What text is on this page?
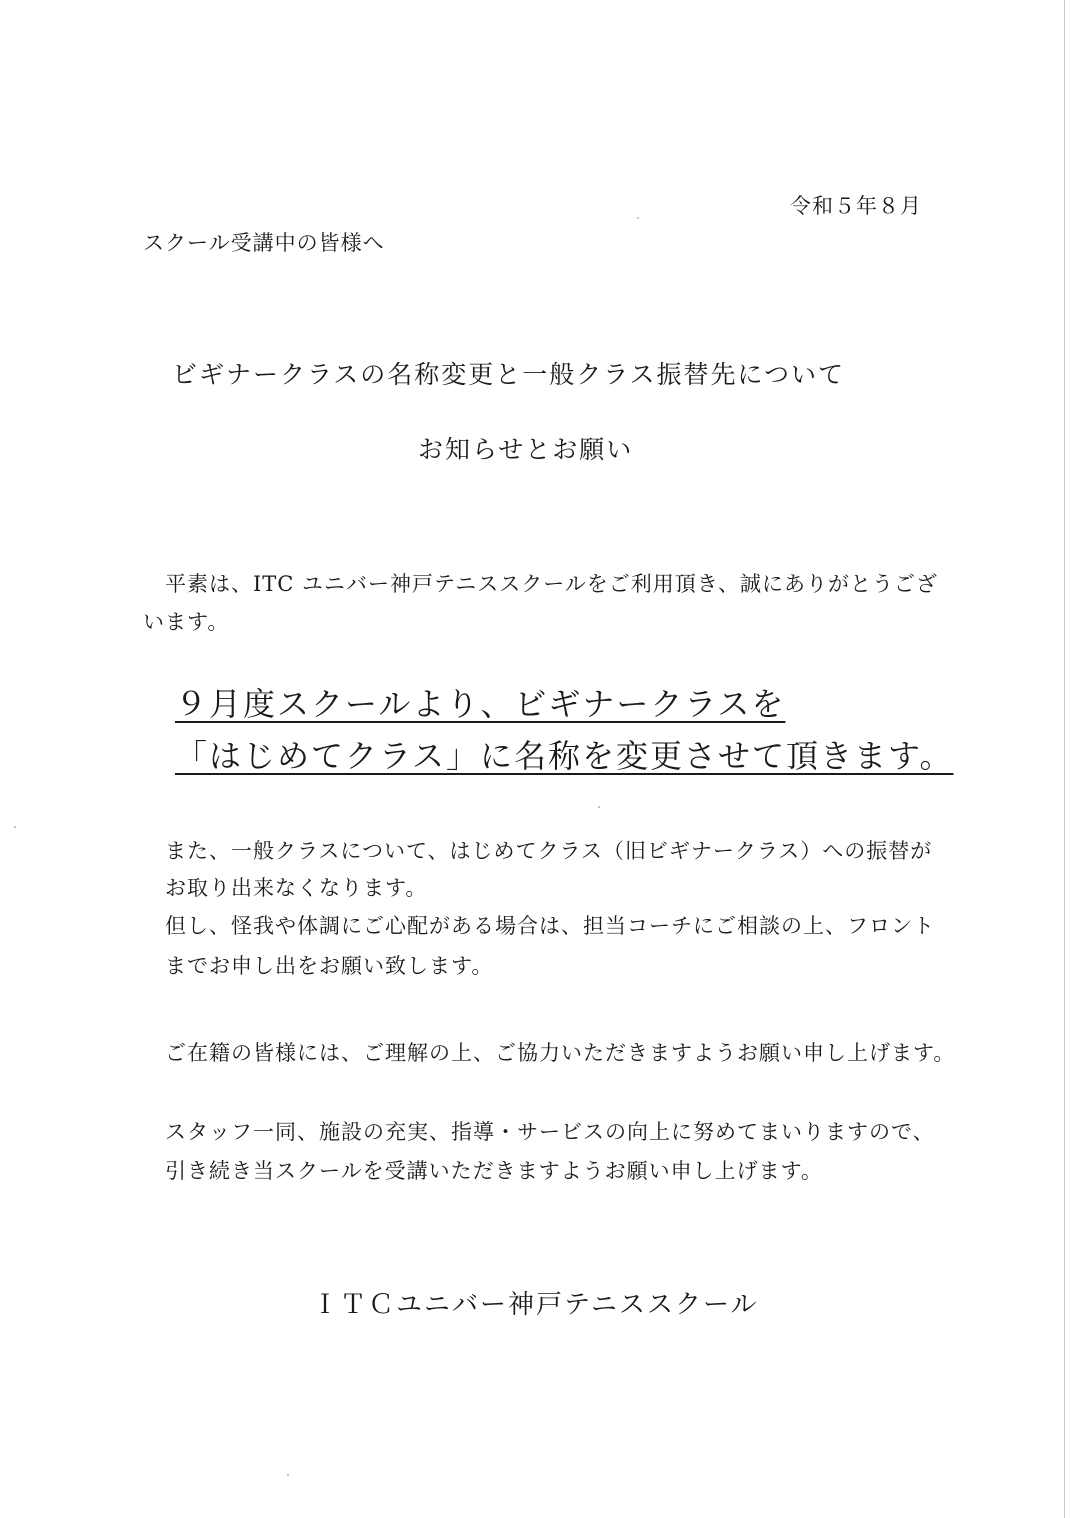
令和５年８月
スクール受講中の皆様へ
ビギナークラスの名称変更と一般クラス振替先について
お知らせとお願い
平素は、ITC ユニバー神戸テニススクールをご利用頂き、誠にありがとうござ
います。
９月度スクールより、ビギナークラスを
「はじめてクラス」に名称を変更させて頂きます。
また、一般クラスについて、はじめてクラス（旧ビギナークラス）への振替が
お取り出来なくなります。
但し、怪我や体調にご心配がある場合は、担当コーチにご相談の上、フロント
までお申し出をお願い致します。
ご在籍の皆様には、ご理解の上、ご協力いただきますようお願い申し上げます。
スタッフ一同、施設の充実、指導・サービスの向上に努めてまいりますので、
引き続き当スクールを受講いただきますようお願い申し上げます。
ＩＴＣユニバー神戸テニススクール
